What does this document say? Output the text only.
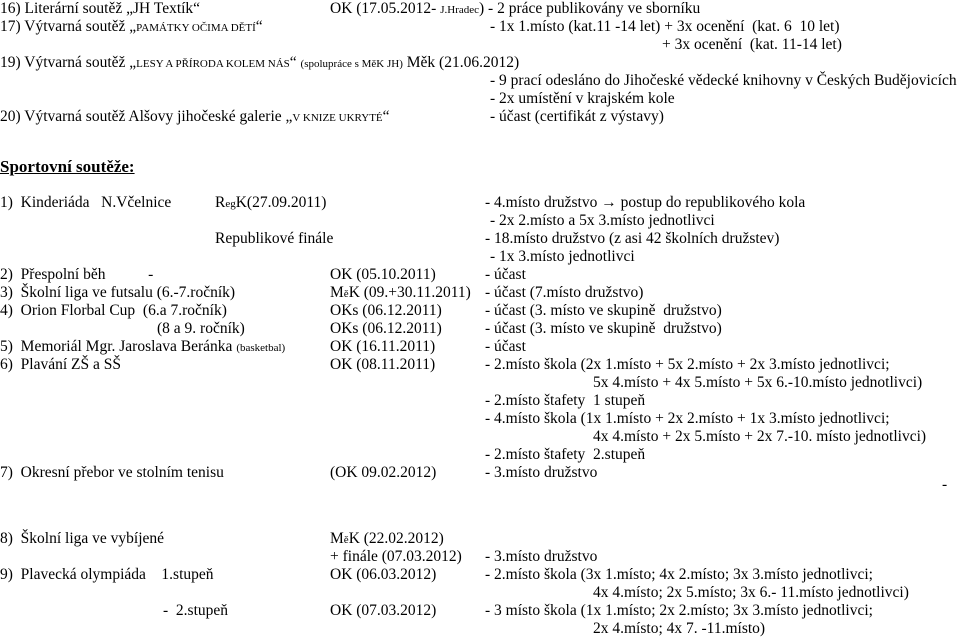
16) Literární soutěž „JH Textík“	OK (17.05.2012- J.Hradec) - 2 práce publikovány ve sborníku
17) Výtvarná soutěž „PAMÁTKY OČIMA DĚTÍ“	- 1x 1.místo (kat.11 -14 let) + 3x ocenění  (kat. 6  10 let)
+ 3x ocenění  (kat. 11-14 let)
19) Výtvarná soutěž „LESY A PŘÍRODA KOLEM NÁS“ (spolupráce s MěK JH) Měk (21.06.2012)
- 9 prací odesláno do Jihočeské vědecké knihovny v Českých Budějovicích
- 2x umístění v krajském kole
20) Výtvarná soutěž Alšovy jihočeské galerie „V KNIZE UKRYTÉ“	- účast (certifikát z výstavy)
Sportovní soutěže:
1)  Kinderiáda   N.Včelnice	RegK(27.09.2011)	- 4.místo družstvo → postup do republikového kola
- 2x 2.místo a 5x 3.místo jednotlivci
Republikové finále	- 18.místo družstvo (z asi 42 školních družstev)
- 1x 3.místo jednotlivci
2)  Přespolní běh           -	OK (05.10.2011)	- účast
3)  Školní liga ve futsalu (6.-7.ročník)	MěK (09.+30.11.2011) - účast (7.místo družstvo)
4)  Orion Florbal Cup  (6.a 7.ročník)	OKs (06.12.2011)	- účast (3. místo ve skupině  družstvo)
(8 a 9. ročník)	OKs (06.12.2011)	- účast (3. místo ve skupině  družstvo)
5)  Memoriál Mgr. Jaroslava Beránka (basketbal)	OK (16.11.2011)	- účast
6)  Plavání ZŠ a SŠ	OK (08.11.2011)	- 2.místo škola (2x 1.místo + 5x 2.místo + 2x 3.místo jednotlivci;
5x 4.místo + 4x 5.místo + 5x 6.-10.místo jednotlivci)
- 2.místo štafety  1 stupeň
- 4.místo škola (1x 1.místo + 2x 2.místo + 1x 3.místo jednotlivci;
4x 4.místo + 2x 5.místo + 2x 7.-10. místo jednotlivci)
- 2.místo štafety  2.stupeň
7)  Okresní přebor ve stolním tenisu	(OK 09.02.2012)	- 3.místo družstvo
-
8)  Školní liga ve vybíjené	MěK (22.02.2012)
+ finále (07.03.2012) - 3.místo družstvo
9)  Plavecká olympiáda    1.stupeň	OK (06.03.2012)	- 2.místo škola (3x 1.místo; 4x 2.místo; 3x 3.místo jednotlivci;
4x 4.místo; 2x 5.místo; 3x 6.- 11.místo jednotlivci)
-  2.stupeň	OK (07.03.2012)	- 3 místo škola (1x 1.místo; 2x 2.místo; 3x 3.místo jednotlivci;
2x 4.místo; 4x 7. -11.místo)
